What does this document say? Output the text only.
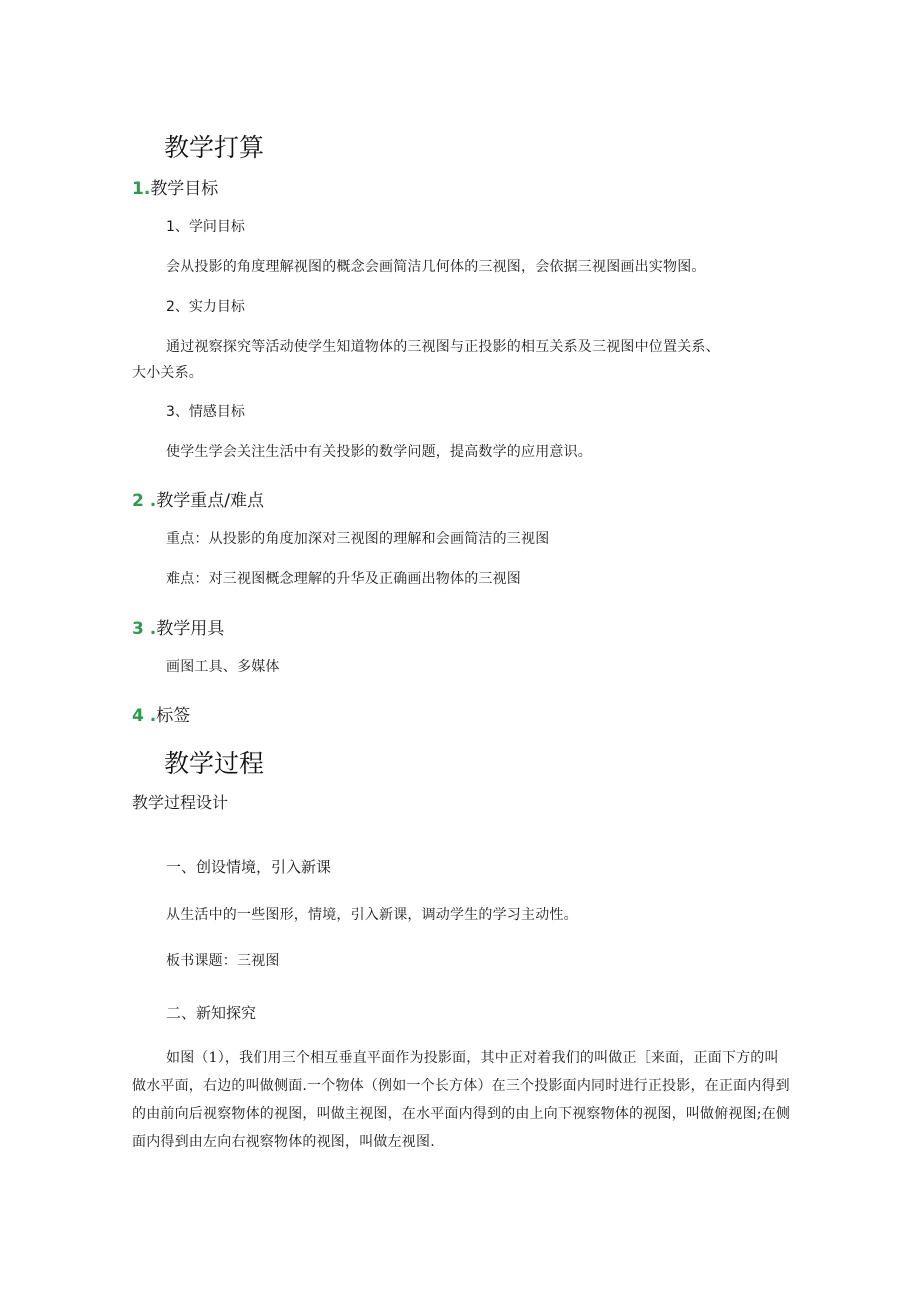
教学打算
1.教学目标
1、学问目标
会从投影的角度理解视图的概念会画简洁几何体的三视图，会依据三视图画出实物图。
2、实力目标
通过视察探究等活动使学生知道物体的三视图与正投影的相互关系及三视图中位置关系、
大小关系。
3、情感目标
使学生学会关注生活中有关投影的数学问题，提高数学的应用意识。
2 .教学重点/难点
重点：从投影的角度加深对三视图的理解和会画简洁的三视图
难点：对三视图概念理解的升华及正确画出物体的三视图
3 .教学用具
画图工具、多媒体
4 .标签
教学过程
教学过程设计
一、创设情境，引入新课
从生活中的一些图形，情境，引入新课，调动学生的学习主动性。
板书课题：三视图
二、新知探究

如图（1），我们用三个相互垂直平面作为投影面，其中正对着我们的叫做正［来面，正面下方的叫做水平面，右边的叫做侧面.一个物体（例如一个长方体）在三个投影面内同时进行正投影，在正面内得到的由前向后视察物体的视图，叫做主视图，在水平面内得到的由上向下视察物体的视图，叫做俯视图;在侧面内得到由左向右视察物体的视图，叫做左视图.
